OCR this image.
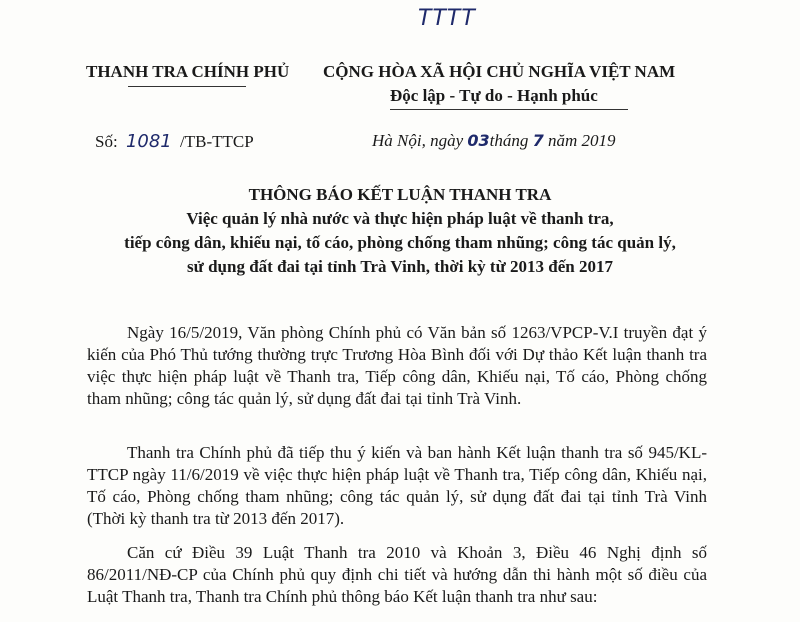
TTTT
THANH TRA CHÍNH PHỦ CỘNG HÒA XÃ HỘI CHỦ NGHĨA VIỆT NAM
Độc lập - Tự do - Hạnh phúc
Số: 1081 /TB-TTCP	Hà Nội, ngày 03tháng 7 năm 2019
THÔNG BÁO KẾT LUẬN THANH TRA
Việc quản lý nhà nước và thực hiện pháp luật về thanh tra,
tiếp công dân, khiếu nại, tố cáo, phòng chống tham nhũng; công tác quản lý,
sử dụng đất đai tại tỉnh Trà Vinh, thời kỳ từ 2013 đến 2017
Ngày 16/5/2019, Văn phòng Chính phủ có Văn bản số 1263/VPCP-V.I truyền đạt ý kiến của Phó Thủ tướng thường trực Trương Hòa Bình đối với Dự thảo Kết luận thanh tra việc thực hiện pháp luật về Thanh tra, Tiếp công dân, Khiếu nại, Tố cáo, Phòng chống tham nhũng; công tác quản lý, sử dụng đất đai tại tỉnh Trà Vinh.
Thanh tra Chính phủ đã tiếp thu ý kiến và ban hành Kết luận thanh tra số 945/KL-TTCP ngày 11/6/2019 về việc thực hiện pháp luật về Thanh tra, Tiếp công dân, Khiếu nại, Tố cáo, Phòng chống tham nhũng; công tác quản lý, sử dụng đất đai tại tỉnh Trà Vinh (Thời kỳ thanh tra từ 2013 đến 2017).
Căn cứ Điều 39 Luật Thanh tra 2010 và Khoản 3, Điều 46 Nghị định số 86/2011/NĐ-CP của Chính phủ quy định chi tiết và hướng dẫn thi hành một số điều của Luật Thanh tra, Thanh tra Chính phủ thông báo Kết luận thanh tra như sau:
